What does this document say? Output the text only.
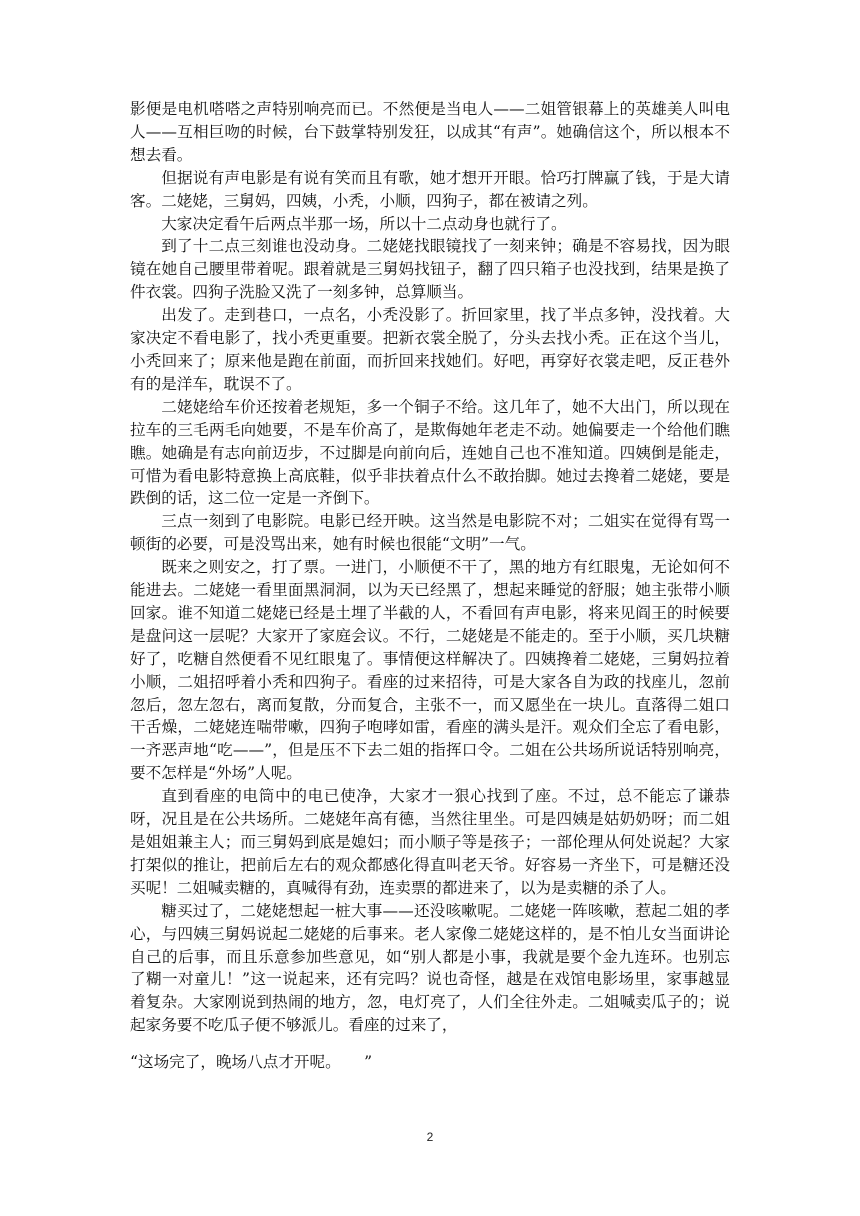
影便是电机嗒嗒之声特别响亮而已。不然便是当电人——二姐管银幕上的英雄美人叫电人——互相巨吻的时候，台下鼓掌特别发狂，以成其“有声”。她确信这个，所以根本不想去看。

但据说有声电影是有说有笑而且有歌，她才想开开眼。恰巧打牌赢了钱，于是大请客。二姥姥，三舅妈，四姨，小秃，小顺，四狗子，都在被请之列。

大家决定看午后两点半那一场，所以十二点动身也就行了。

到了十二点三刻谁也没动身。二姥姥找眼镜找了一刻来钟；确是不容易找，因为眼镜在她自己腰里带着呢。跟着就是三舅妈找钮子，翻了四只箱子也没找到，结果是换了件衣裳。四狗子洗脸又洗了一刻多钟，总算顺当。

出发了。走到巷口，一点名，小秃没影了。折回家里，找了半点多钟，没找着。大家决定不看电影了，找小秃更重要。把新衣裳全脱了，分头去找小秃。正在这个当儿，小秃回来了；原来他是跑在前面，而折回来找她们。好吧，再穿好衣裳走吧，反正巷外有的是洋车，耽误不了。

二姥姥给车价还按着老规矩，多一个铜子不给。这几年了，她不大出门，所以现在拉车的三毛两毛向她要，不是车价高了，是欺侮她年老走不动。她偏要走一个给他们瞧瞧。她确是有志向前迈步，不过脚是向前向后，连她自己也不准知道。四姨倒是能走，可惜为看电影特意换上高底鞋，似乎非扶着点什么不敢抬脚。她过去搀着二姥姥，要是跌倒的话，这二位一定是一齐倒下。

三点一刻到了电影院。电影已经开映。这当然是电影院不对；二姐实在觉得有骂一顿街的必要，可是没骂出来，她有时候也很能“文明”一气。

既来之则安之，打了票。一进门，小顺便不干了，黑的地方有红眼鬼，无论如何不能进去。二姥姥一看里面黑洞洞，以为天已经黑了，想起来睡觉的舒服；她主张带小顺回家。谁不知道二姥姥已经是土埋了半截的人，不看回有声电影，将来见阎王的时候要是盘问这一层呢？大家开了家庭会议。不行，二姥姥是不能走的。至于小顺，买几块糖好了，吃糖自然便看不见红眼鬼了。事情便这样解决了。四姨搀着二姥姥，三舅妈拉着小顺，二姐招呼着小秃和四狗子。看座的过来招待，可是大家各自为政的找座儿，忽前忽后，忽左忽右，离而复散，分而复合，主张不一，而又愿坐在一块儿。直落得二姐口干舌燥，二姥姥连喘带嗽，四狗子咆哮如雷，看座的满头是汗。观众们全忘了看电影，一齐恶声地“吃——”，但是压不下去二姐的指挥口令。二姐在公共场所说话特别响亮，要不怎样是“外场”人呢。

直到看座的电筒中的电已使净，大家才一狠心找到了座。不过，总不能忘了谦恭呀，况且是在公共场所。二姥姥年高有德，当然往里坐。可是四姨是姑奶奶呀；而二姐是姐姐兼主人；而三舅妈到底是媳妇；而小顺子等是孩子；一部伦理从何处说起？大家打架似的推让，把前后左右的观众都感化得直叫老天爷。好容易一齐坐下，可是糖还没买呢！二姐喊卖糖的，真喊得有劲，连卖票的都进来了，以为是卖糖的杀了人。

糖买过了，二姥姥想起一桩大事——还没咳嗽呢。二姥姥一阵咳嗽，惹起二姐的孝心，与四姨三舅妈说起二姥姥的后事来。老人家像二姥姥这样的，是不怕儿女当面讲论自己的后事，而且乐意参加些意见，如“别人都是小事，我就是要个金九连环。也别忘了糊一对童儿！”这一说起来，还有完吗？说也奇怪，越是在戏馆电影场里，家事越显着复杂。大家刚说到热闹的地方，忽，电灯亮了，人们全往外走。二姐喊卖瓜子的；说起家务要不吃瓜子便不够派儿。看座的过来了，

“这场完了，晚场八点才开呢。　　”

2
